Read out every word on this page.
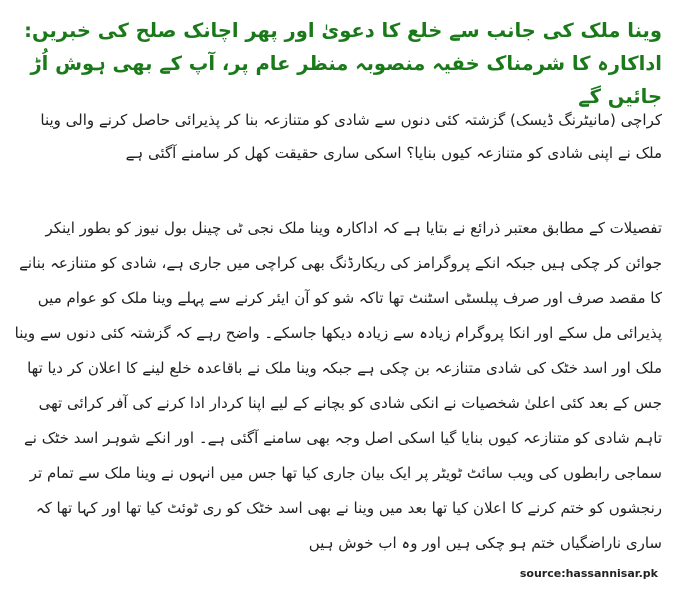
وینا ملک کی جانب سے خلع کا دعویٰ اور پھر اچانک صلح کی خبریں: اداکارہ کا شرمناک خفیہ منصوبہ منظر عام پر، آپ کے بھی ہوش اُڑ جائیں گے

کراچی (مانیٹرنگ ڈیسک) گزشتہ کئی دنوں سے شادی کو متنازعہ بنا کر پذیرائی حاصل کرنے والی وینا ملک نے اپنی شادی کو متنازعہ کیوں بنایا؟ اسکی ساری حقیقت کھل کر سامنے آگئی ہے

تفصیلات کے مطابق معتبر ذرائع نے بتایا ہے کہ اداکارہ وینا ملک نجی ٹی چینل بول نیوز کو بطور اینکر جوائن کر چکی ہیں جبکہ انکے پروگرامز کی ریکارڈنگ بھی کراچی میں جاری ہے، شادی کو متنازعہ بنانے کا مقصد صرف اور صرف پبلسٹی اسٹنٹ تھا تاکہ شو کو آن ایئر کرنے سے پہلے وینا ملک کو عوام میں پذیرائی مل سکے اور انکا پروگرام زیادہ سے زیادہ دیکھا جاسکے۔ واضح رہے کہ گزشتہ کئی دنوں سے وینا ملک اور اسد خٹک کی شادی متنازعہ بن چکی ہے جبکہ وینا ملک نے باقاعدہ خلع لینے کا اعلان کر دیا تھا جس کے بعد کئی اعلیٰ شخصیات نے انکی شادی کو بچانے کے لیے اپنا کردار ادا کرنے کی آفر کرائی تھی تاہم شادی کو متنازعہ کیوں بنایا گیا اسکی اصل وجہ بھی سامنے آگئی ہے۔ اور انکے شوہر اسد خٹک نے سماجی رابطوں کی ویب سائٹ ٹویٹر پر ایک بیان جاری کیا تھا جس میں انہوں نے وینا ملک سے تمام تر رنجشوں کو ختم کرنے کا اعلان کیا تھا بعد میں وینا نے بھی اسد خٹک کو ری ٹوئٹ کیا تھا اور کہا تھا کہ ساری ناراضگیاں ختم ہو چکی ہیں اور وہ اب خوش ہیں

source:hassannisar.pk
